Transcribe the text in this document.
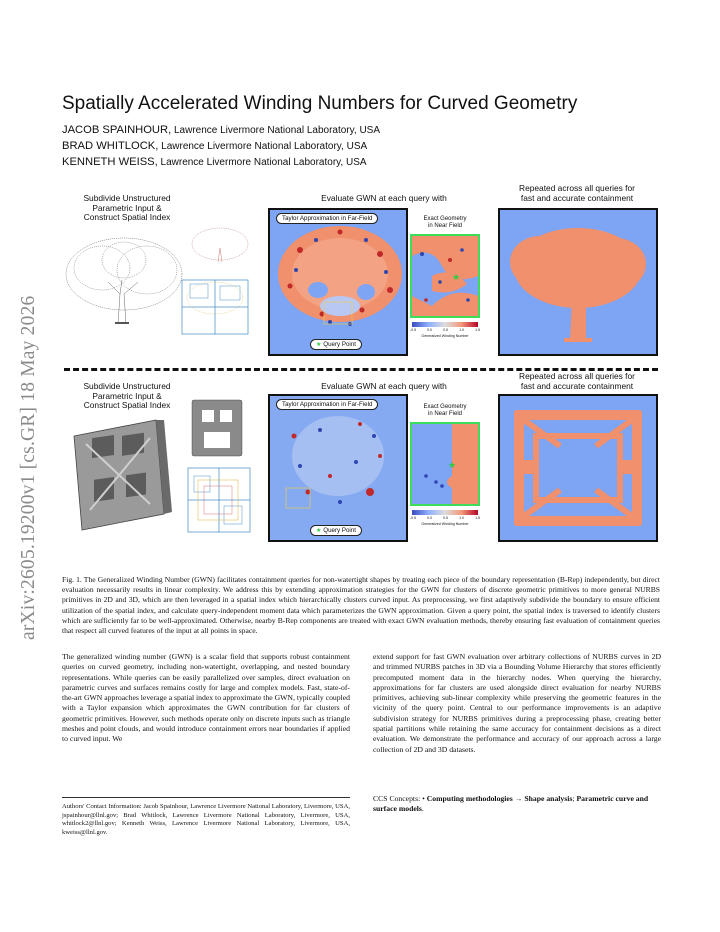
arXiv:2605.19200v1 [cs.GR] 18 May 2026
Spatially Accelerated Winding Numbers for Curved Geometry
JACOB SPAINHOUR, Lawrence Livermore National Laboratory, USA
BRAD WHITLOCK, Lawrence Livermore National Laboratory, USA
KENNETH WEISS, Lawrence Livermore National Laboratory, USA
Subdivide Unstructured
Parametric Input &
Construct Spatial Index
Evaluate GWN at each query with
Repeated across all queries for
fast and accurate containment
Taylor Approximation in Far-Field
★ Query Point
Exact Geometry
in Near Field
★
-0.5	0.0	0.5	1.0	1.5
Generalized Winding Number
Subdivide Unstructured
Parametric Input &
Construct Spatial Index
Evaluate GWN at each query with
Repeated across all queries for
fast and accurate containment
Taylor Approximation in Far-Field
★ Query Point
Exact Geometry
in Near Field
★
-0.5	0.0	0.5	1.0	1.5
Generalized Winding Number
Fig. 1. The Generalized Winding Number (GWN) facilitates containment queries for non-watertight shapes by treating each piece of the boundary representation (B-Rep) independently, but direct evaluation necessarily results in linear complexity. We address this by extending approximation strategies for the GWN for clusters of discrete geometric primitives to more general NURBS primitives in 2D and 3D, which are then leveraged in a spatial index which hierarchically clusters curved input. As preprocessing, we first adaptively subdivide the boundary to ensure efficient utilization of the spatial index, and calculate query-independent moment data which parameterizes the GWN approximation. Given a query point, the spatial index is traversed to identify clusters which are sufficiently far to be well-approximated. Otherwise, nearby B-Rep components are treated with exact GWN evaluation methods, thereby ensuring fast evaluation of containment queries that respect all curved features of the input at all points in space.
The generalized winding number (GWN) is a scalar field that supports robust containment queries on curved geometry, including non-watertight, overlapping, and nested boundary representations. While queries can be easily parallelized over samples, direct evaluation on parametric curves and surfaces remains costly for large and complex models. Fast, state-of-the-art GWN approaches leverage a spatial index to approximate the GWN, typically coupled with a Taylor expansion which approximates the GWN contribution for far clusters of geometric primitives. However, such methods operate only on discrete inputs such as triangle meshes and point clouds, and would introduce containment errors near boundaries if applied to curved input. We
extend support for fast GWN evaluation over arbitrary collections of NURBS curves in 2D and trimmed NURBS patches in 3D via a Bounding Volume Hierarchy that stores efficiently precomputed moment data in the hierarchy nodes. When querying the hierarchy, approximations for far clusters are used alongside direct evaluation for nearby NURBS primitives, achieving sub-linear complexity while preserving the geometric features in the vicinity of the query point. Central to our performance improvements is an adaptive subdivision strategy for NURBS primitives during a preprocessing phase, creating better spatial partitions while retaining the same accuracy for containment decisions as a direct evaluation. We demonstrate the performance and accuracy of our approach across a large collection of 2D and 3D datasets.
Authors' Contact Information: Jacob Spainhour, Lawrence Livermore National Laboratory, Livermore, USA, jspainhour@llnl.gov; Brad Whitlock, Lawrence Livermore National Laboratory, Livermore, USA, whitlock2@llnl.gov; Kenneth Weiss, Lawrence Livermore National Laboratory, Livermore, USA, kweiss@llnl.gov.
CCS Concepts: • Computing methodologies → Shape analysis; Parametric curve and surface models.
